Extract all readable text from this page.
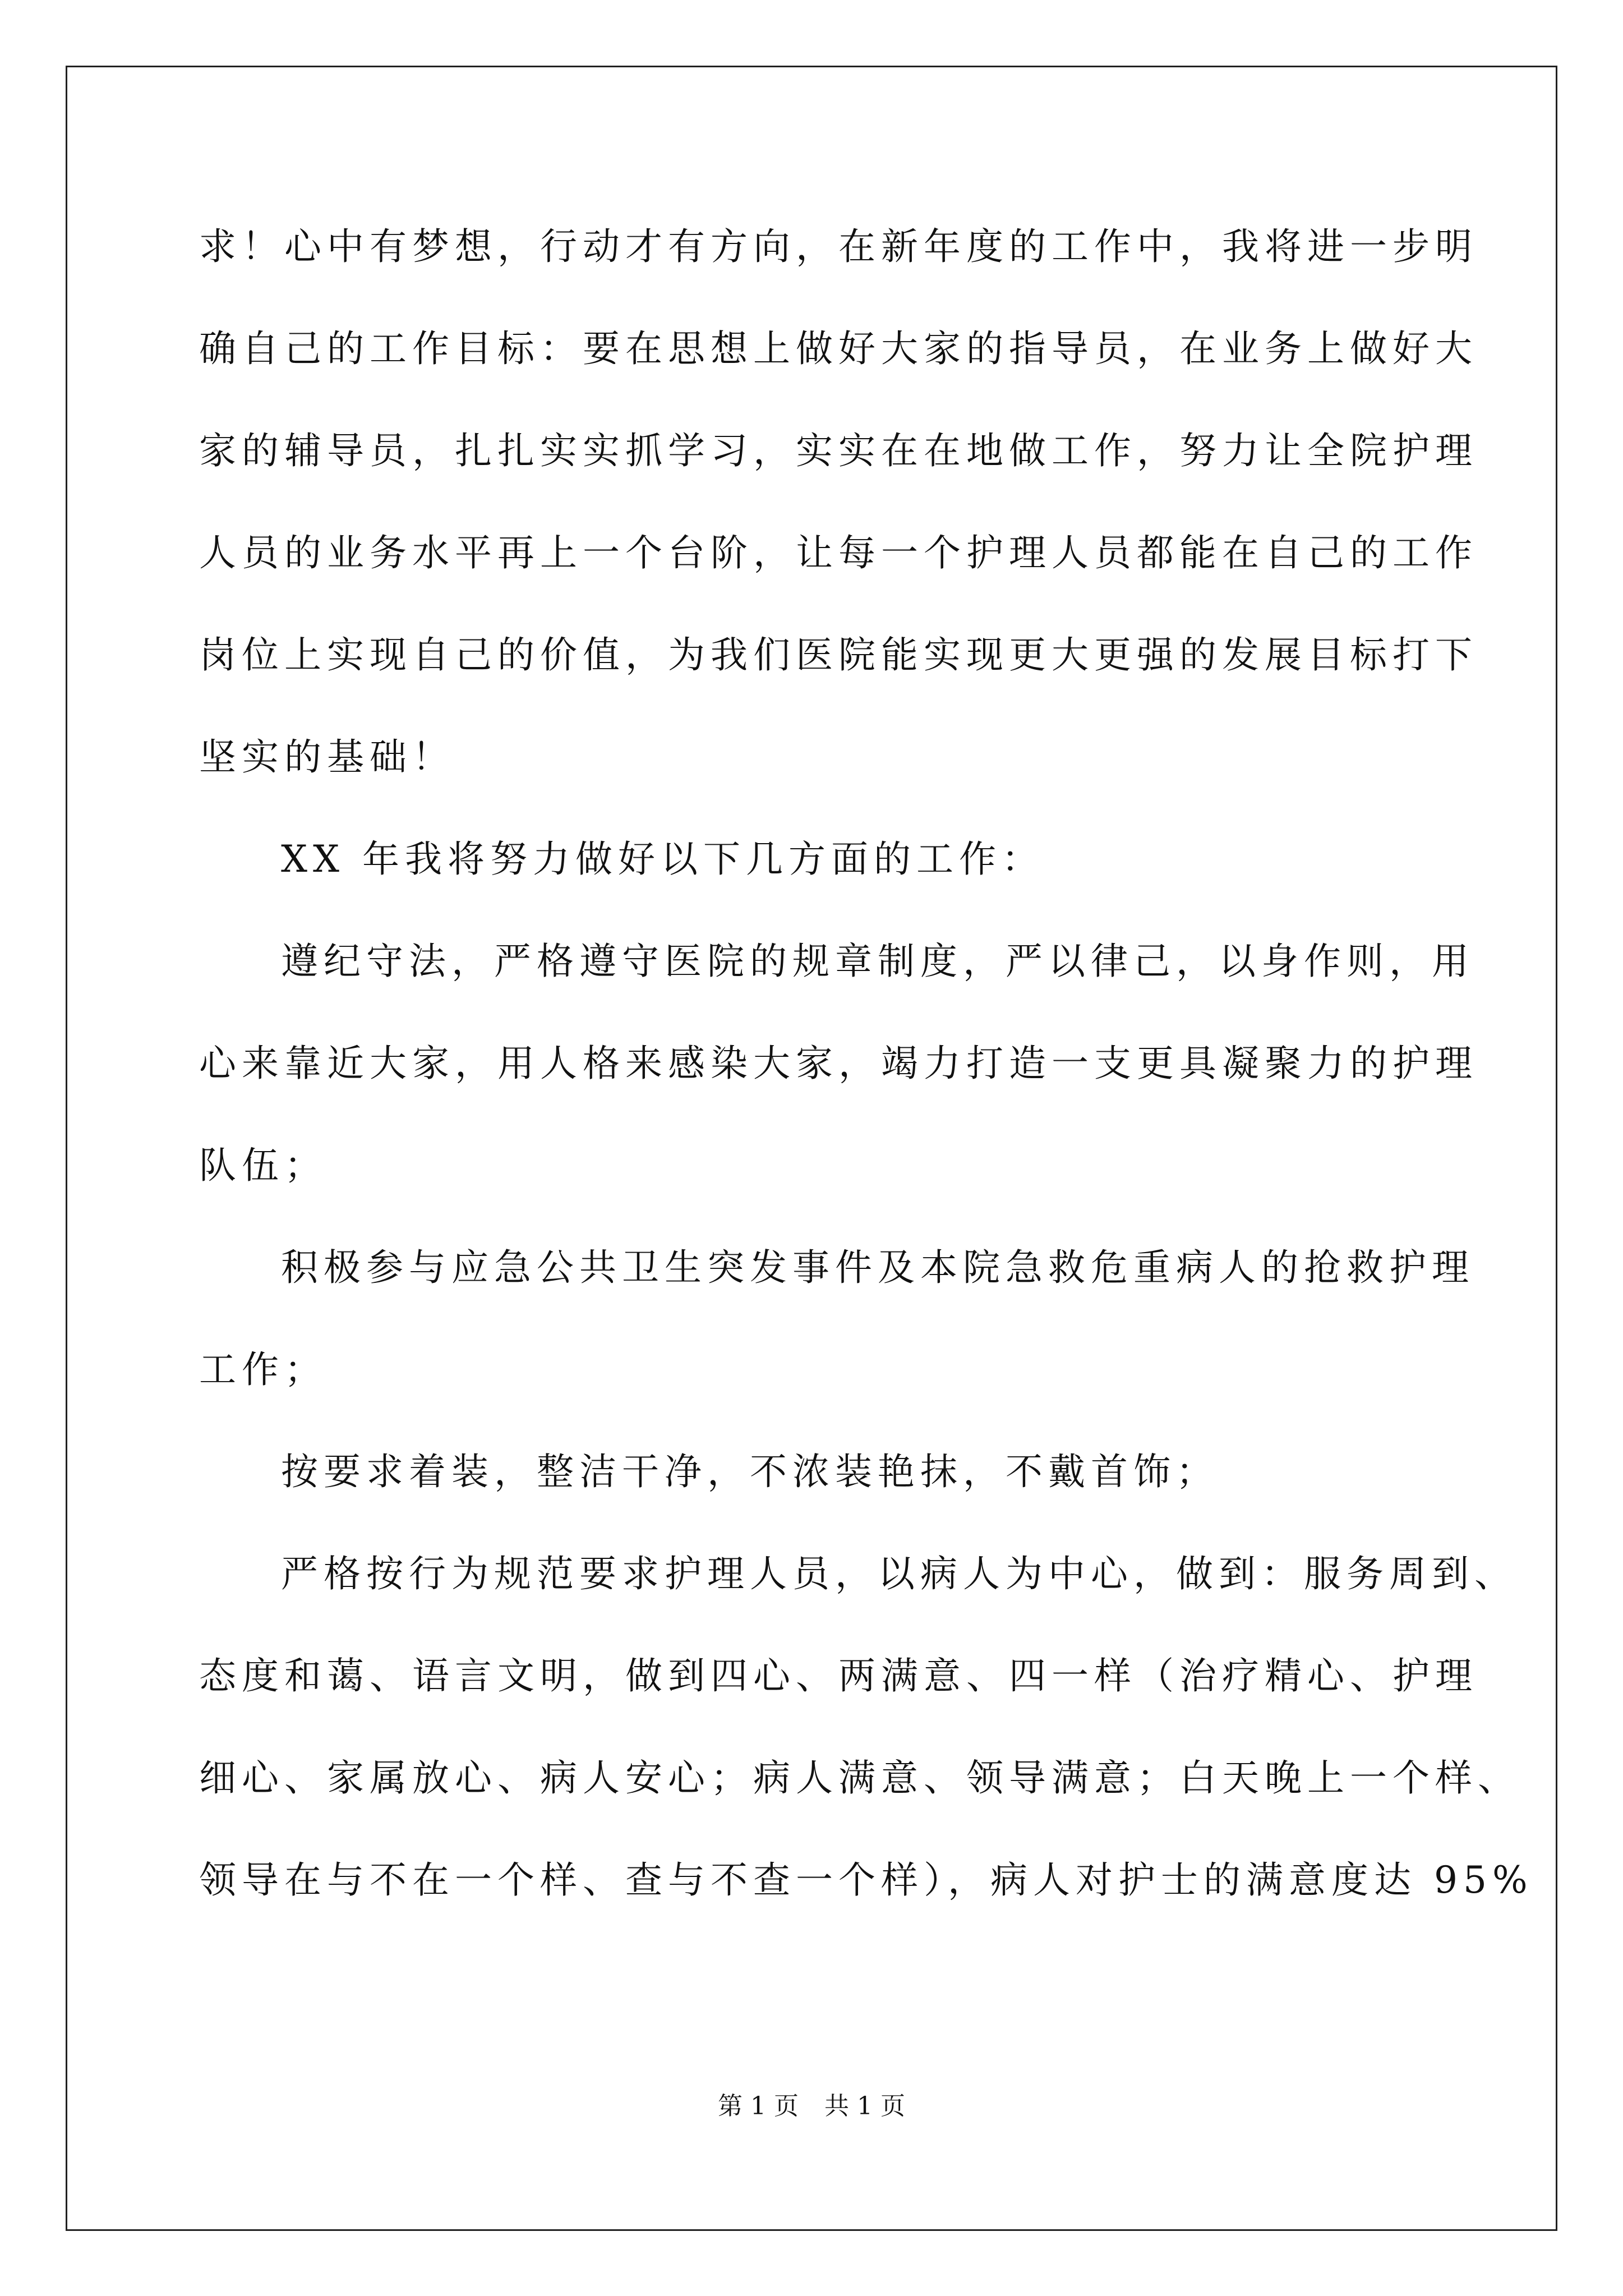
求！心中有梦想，行动才有方向，在新年度的工作中，我将进一步明
确自己的工作目标：要在思想上做好大家的指导员，在业务上做好大
家的辅导员，扎扎实实抓学习，实实在在地做工作，努力让全院护理
人员的业务水平再上一个台阶，让每一个护理人员都能在自己的工作
岗位上实现自己的价值，为我们医院能实现更大更强的发展目标打下
坚实的基础！
XX 年我将努力做好以下几方面的工作：
遵纪守法，严格遵守医院的规章制度，严以律己，以身作则，用
心来靠近大家，用人格来感染大家，竭力打造一支更具凝聚力的护理
队伍；
积极参与应急公共卫生突发事件及本院急救危重病人的抢救护理
工作；
按要求着装，整洁干净，不浓装艳抹，不戴首饰；
严格按行为规范要求护理人员，以病人为中心，做到：服务周到、
态度和蔼、语言文明，做到四心、两满意、四一样（治疗精心、护理
细心、家属放心、病人安心；病人满意、领导满意；白天晚上一个样、
领导在与不在一个样、查与不查一个样），病人对护士的满意度达 95%
第 1 页 共 1 页
